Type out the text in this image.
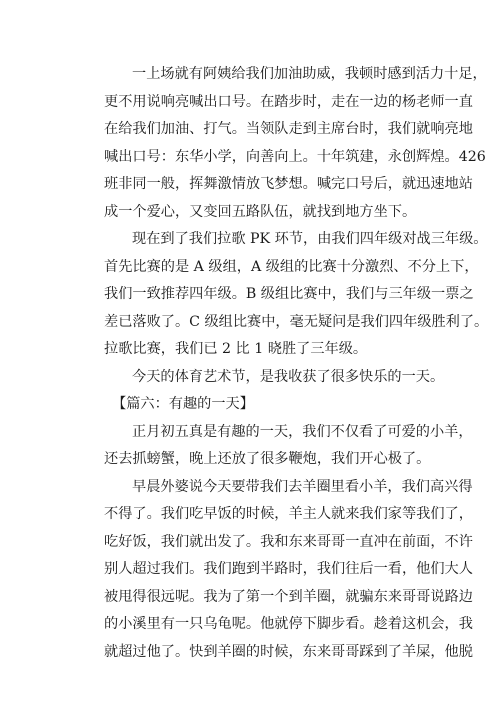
一上场就有阿姨给我们加油助威，我顿时感到活力十足，
更不用说响亮喊出口号。在踏步时，走在一边的杨老师一直
在给我们加油、打气。当领队走到主席台时，我们就响亮地
喊出口号：东华小学，向善向上。十年筑建，永创辉煌。426
班非同一般，挥舞激情放飞梦想。喊完口号后，就迅速地站
成一个爱心，又变回五路队伍，就找到地方坐下。
现在到了我们拉歌 PK 环节，由我们四年级对战三年级。
首先比赛的是 A 级组，A 级组的比赛十分激烈、不分上下，
我们一致推荐四年级。B 级组比赛中，我们与三年级一票之
差已落败了。C 级组比赛中，毫无疑问是我们四年级胜利了。
拉歌比赛，我们已 2 比 1 晓胜了三年级。
今天的体育艺术节，是我收获了很多快乐的一天。
【篇六：有趣的一天】
正月初五真是有趣的一天，我们不仅看了可爱的小羊，
还去抓螃蟹，晚上还放了很多鞭炮，我们开心极了。
早晨外婆说今天要带我们去羊圈里看小羊，我们高兴得
不得了。我们吃早饭的时候，羊主人就来我们家等我们了，
吃好饭，我们就出发了。我和东来哥哥一直冲在前面，不许
别人超过我们。我们跑到半路时，我们往后一看，他们大人
被甩得很远呢。我为了第一个到羊圈，就骗东来哥哥说路边
的小溪里有一只乌龟呢。他就停下脚步看。趁着这机会，我
就超过他了。快到羊圈的时候，东来哥哥踩到了羊屎，他脱
